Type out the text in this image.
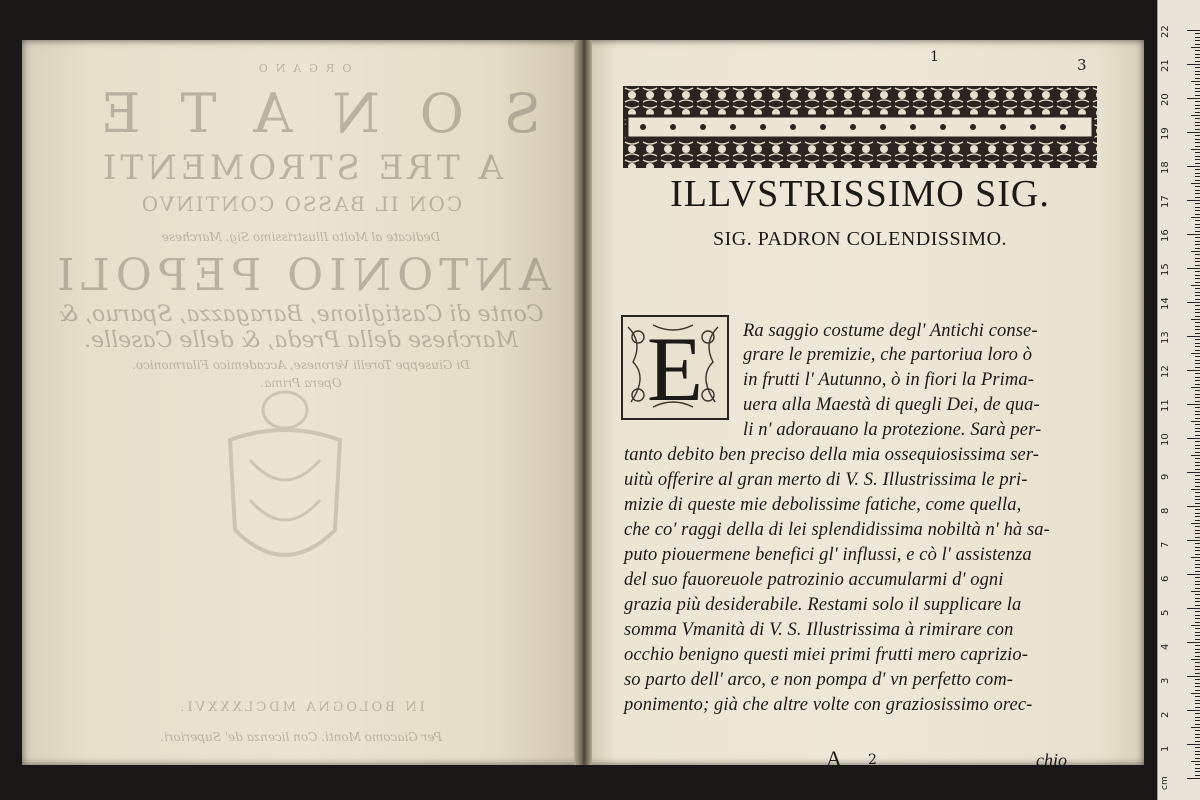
ORGANO
SONATE
A TRE STROMENTI
CON IL BASSO CONTINVO
Dedicate al Molto Illustrissimo Sig. Marchese
ANTONIO PEPOLI
Conte di Castiglione, Baragazza, Sparuo, &
Marchese della Preda, & delle Caselle.
Di Giuseppe Torelli Veronese, Accademico Filarmonico.
Opera Prima.
IN BOLOGNA MDCLXXXVI.
Per Giacomo Monti. Con licenza de' Superiori.
1	3
ILLVSTRISSIMO SIG.
SIG. PADRON COLENDISSIMO.
E	Ra saggio costume degl' Antichi conse-
grare le premizie, che partoriua loro ò
in frutti l' Autunno, ò in fiori la Prima-
uera alla Maestà di quegli Dei, de qua-
li n' adorauano la protezione. Sarà per-
tanto debito ben preciso della mia ossequiosissima ser-
uitù offerire al gran merto di V. S. Illustrissima le pri-
mizie di queste mie debolissime fatiche, come quella,
che co' raggi della di lei splendidissima nobiltà n' hà sa-
puto piouermene benefici gl' influssi, e cò l' assistenza
del suo fauoreuole patrozinio accumularmi d' ogni
grazia più desiderabile. Restami solo il supplicare la
somma Vmanità di V. S. Illustrissima à rimirare con
occhio benigno questi miei primi frutti mero caprizio-
so parto dell' arco, e non pompa d' vn perfetto com-
ponimento; già che altre volte con graziosissimo orec-
A 2	chio
cm
22
21
20
19
18
17
16
15
14
13
12
11
10
9
8
7
6
5
4
3
2
1
